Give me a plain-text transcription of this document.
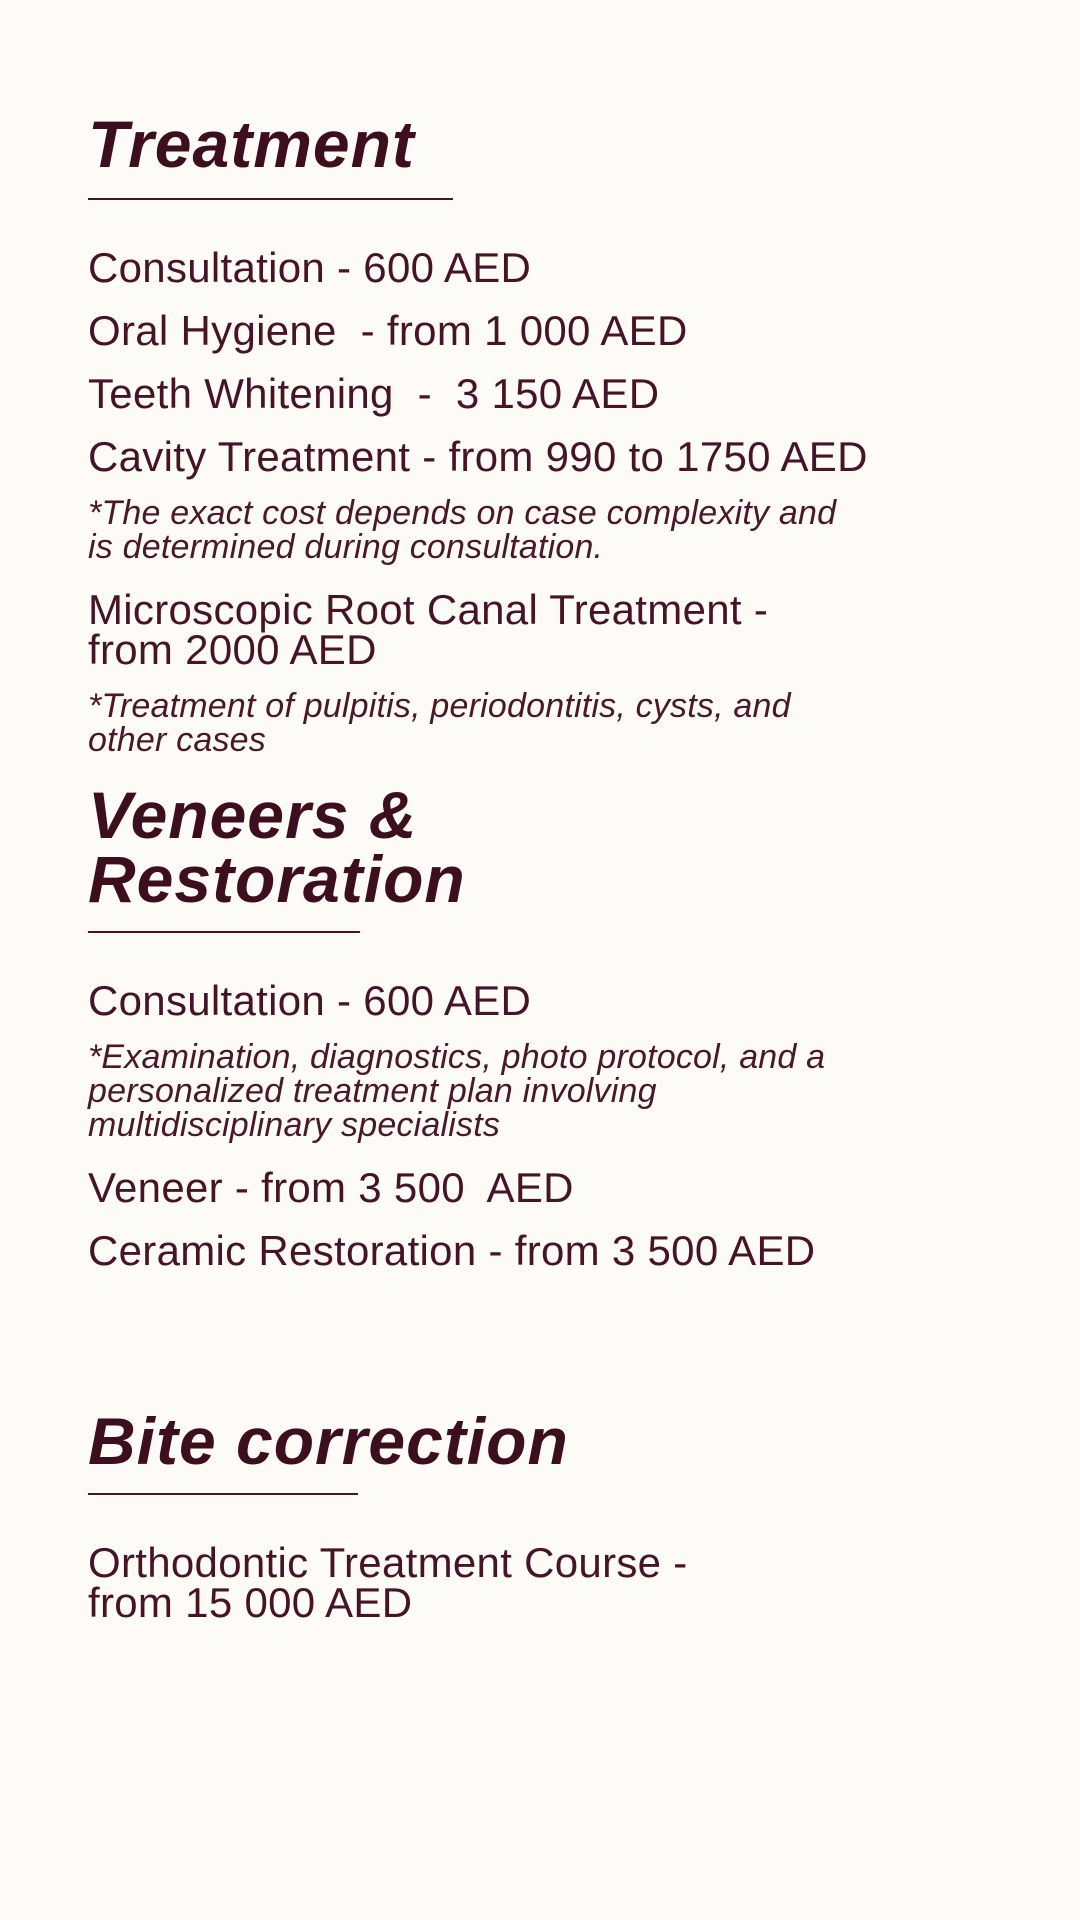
Treatment

Consultation - 600 AED

Oral Hygiene  - from 1 000 AED

Teeth Whitening  -  3 150 AED

Cavity Treatment - from 990 to 1750 AED

*The exact cost depends on case complexity and
is determined during consultation.

Microscopic Root Canal Treatment -
from 2000 AED

*Treatment of pulpitis, periodontitis, cysts, and
other cases

Veneers &
Restoration

Consultation - 600 AED

*Examination, diagnostics, photo protocol, and a
personalized treatment plan involving
multidisciplinary specialists

Veneer - from 3 500  AED

Ceramic Restoration - from 3 500 AED

Bite correction

Orthodontic Treatment Course -
from 15 000 AED
